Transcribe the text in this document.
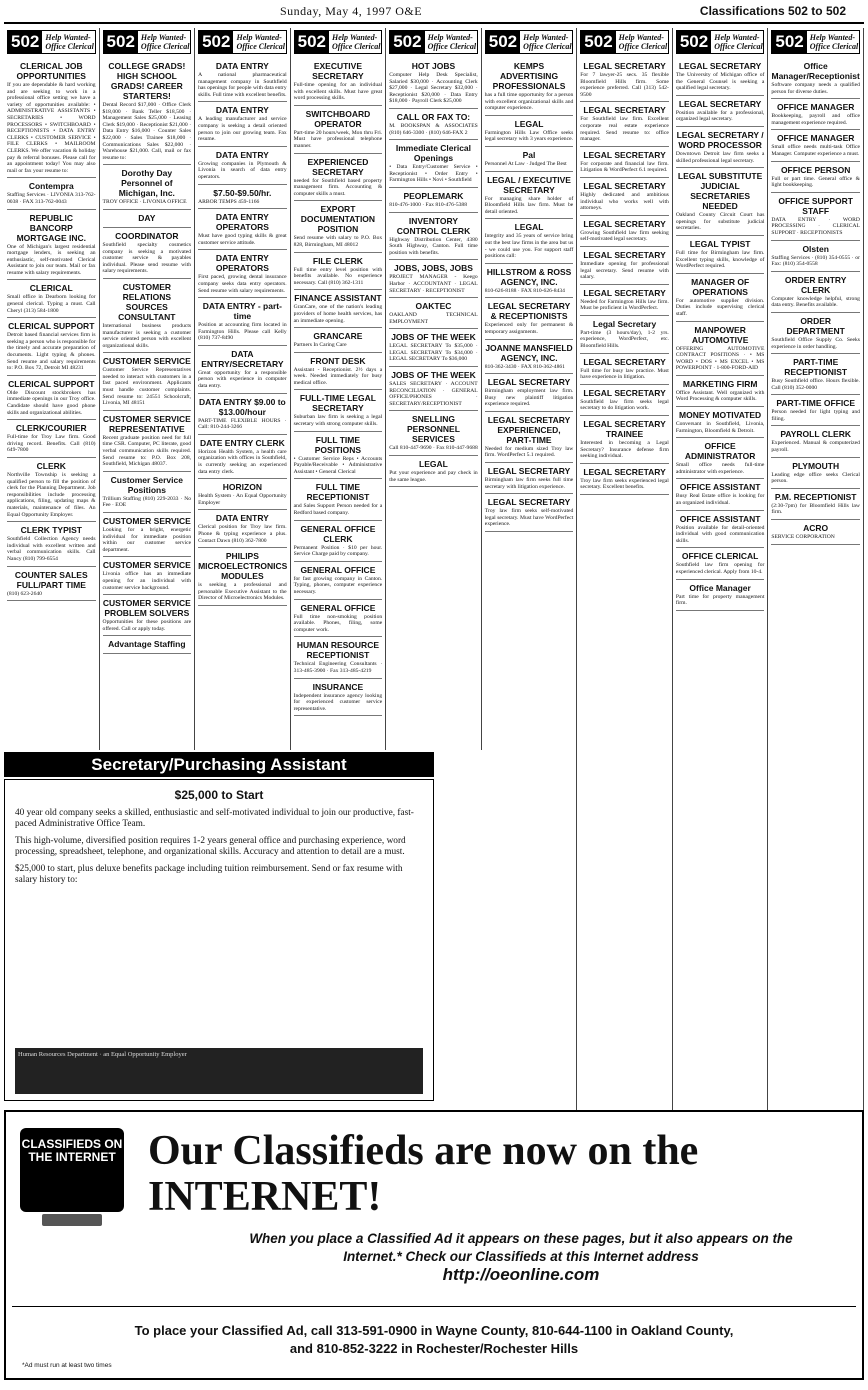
Sunday, May 4, 1997 O&E	Classifications 502 to 502
502 Help Wanted-
Office Clerical
CLERICAL JOB OPPORTUNITIES

If you are dependable & hard working and are seeking to work in a professional office setting we have a variety of opportunities available: • ADMINISTRATIVE ASSISTANTS • SECRETARIES • WORD PROCESSORS • SWITCHBOARD • RECEPTIONISTS • DATA ENTRY CLERKS • CUSTOMER SERVICE • FILE CLERKS • MAILROOM CLERKS. We offer vacation & holiday pay & referral bonuses. Please call for an appointment today! You may also mail or fax your resume to:

Contempra

Staffing Services · LIVONIA 313-762-0038 · FAX 313-762-0043

REPUBLIC BANCORP MORTGAGE INC.

One of Michigan's largest residential mortgage lenders, is seeking an enthusiastic, self-motivated Clerical Assistant to join our team. Mail or fax resume with salary requirements.

CLERICAL

Small office in Dearborn looking for general clerical. Typing a must. Call Cheryl (313) 584-1800

CLERICAL SUPPORT

Detroit based financial services firm is seeking a person who is responsible for the timely and accurate preparation of documents. Light typing & phones. Send resume and salary requirements to: P.O. Box 72, Detroit MI 48231

CLERICAL SUPPORT

Olde Discount stockbrokers has immediate openings in our Troy office. Candidate should have good phone skills and organizational abilities.

CLERK/COURIER

Full-time for Troy Law firm. Good driving record. Benefits. Call (810) 649-7800

CLERK

Northville Township is seeking a qualified person to fill the position of clerk for the Planning Department. Job responsibilities include processing applications, filing, updating maps & materials, maintenance of files. An Equal Opportunity Employer.

CLERK TYPIST

Southfield Collection Agency needs individual with excellent written and verbal communication skills. Call Nancy (810) 799-6554

COUNTER SALES FULL/PART TIME

(810) 623-2640

502 Help Wanted-
Office Clerical
COLLEGE GRADS! HIGH SCHOOL GRADS! CAREER STARTERS!

Dental Record $17,000 · Office Clerk $18,000 · Bank Teller $18,500 · Management Sales $25,000 · Leasing Clerk $19,000 · Receptionist $21,000 · Data Entry $16,000 · Counter Sales $22,000 · Sales Trainee $18,000 · Communications Sales $22,000 · Warehouse $21,000. Call, mail or fax resume to:

Dorothy Day Personnel of Michigan, Inc.

TROY OFFICE · LIVONIA OFFICE

DAY

COORDINATOR

Southfield specialty cosmetics company is seeking a motivated customer service & payables individual. Please send resume with salary requirements.

CUSTOMER RELATIONS SOURCES CONSULTANT

International business products manufacturer is seeking a customer service oriented person with excellent organizational skills.

CUSTOMER SERVICE

Customer Service Representatives needed to interact with customers in a fast paced environment. Applicants must handle customer complaints. Send resume to: 24551 Schoolcraft, Livonia, MI 48151

CUSTOMER SERVICE REPRESENTATIVE

Recent graduate position need for full time CSR. Computer, PC literate, good verbal communication skills required. Send resume to: P.O. Box 208, Southfield, Michigan 48037.

Customer Service Positions

Trillium Staffing (810) 229-2033 · No Fee · EOE

CUSTOMER SERVICE

Looking for a bright, energetic individual for immediate position within our customer service department.

CUSTOMER SERVICE

Livonia office has an immediate opening for an individual with customer service background.

CUSTOMER SERVICE PROBLEM SOLVERS

Opportunities for these positions are offered. Call or apply today.

Advantage Staffing

502 Help Wanted-
Office Clerical
DATA ENTRY

A national pharmaceutical management company in Southfield has openings for people with data entry skills. Full time with excellent benefits.

DATA ENTRY

A leading manufacturer and service company is seeking a detail oriented person to join our growing team. Fax resume.

DATA ENTRY

Growing companies in Plymouth & Livonia in search of data entry operators.

$7.50-$9.50/hr.

ARBOR TEMPS 459-1166

DATA ENTRY OPERATORS

Must have good typing skills & great customer service attitude.

DATA ENTRY OPERATORS

First paced, growing dental insurance company seeks data entry operators. Send resume with salary requirements.

DATA ENTRY - part-time

Position at accounting firm located in Farmington Hills. Please call Kelly (810) 737-8490

DATA ENTRY/SECRETARY

Great opportunity for a responsible person with experience in computer data entry.

DATA ENTRY $9.00 to $13.00/hour

PART-TIME FLEXIBLE HOURS · Call: 810-244-3266

DATE ENTRY CLERK

Horizon Health System, a health care organization with offices in Southfield, is currently seeking an experienced data entry clerk.

HORIZON

Health System · An Equal Opportunity Employer

DATA ENTRY

Clerical position for Troy law firm. Phone & typing experience a plus. Contact Dawn (810) 362-7800

PHILIPS MICROELECTRONICS MODULES

is seeking a professional and personable Executive Assistant to the Director of Microelectronics Modules.

502 Help Wanted-
Office Clerical
EXECUTIVE SECRETARY

Full-time opening for an individual with excellent skills. Must have great word processing skills.

SWITCHBOARD OPERATOR

Part-time 20 hours/week, Mon thru Fri. Must have professional telephone manner.

EXPERIENCED SECRETARY

needed for Southfield based property management firm. Accounting & computer skills a must.

EXPORT DOCUMENTATION POSITION

Send resume with salary to P.O. Box 828, Birmingham, MI 48012

FILE CLERK

Full time entry level position with benefits available. No experience necessary. Call (810) 362-1311

FINANCE ASSISTANT

GranCare, one of the nation's leading providers of home health services, has an immediate opening.

GRANCARE

Partners In Caring Care

FRONT DESK

Assistant - Receptionist. 2½ days a week. Needed immediately for busy medical office.

FULL-TIME LEGAL SECRETARY

Suburban law firm is seeking a legal secretary with strong computer skills.

FULL TIME POSITIONS

• Customer Service Reps • Accounts Payable/Receivable • Administrative Assistant • General Clerical

FULL TIME RECEPTIONIST

and Sales Support Person needed for a Redford based company.

GENERAL OFFICE CLERK

Permanent Position · $10 per hour. Service Charge paid by company.

GENERAL OFFICE

for fast growing company in Canton. Typing, phones, computer experience necessary.

GENERAL OFFICE

Full time non-smoking position available. Phones, filing, some computer work.

HUMAN RESOURCE RECEPTIONIST

Technical Engineering Consultants · 313-485-3900 · Fax 313-485-4219

INSURANCE

Independent insurance agency looking for experienced customer service representative.

502 Help Wanted-
Office Clerical
HOT JOBS

Computer Help Desk Specialist, Salaried $30,000 · Accounting Clerk $27,000 · Legal Secretary $32,000 · Receptionist $20,000 · Data Entry $18,000 · Payroll Clerk $25,000

CALL OR FAX TO:

M. BOOKSPAN & ASSOCIATES (810) 646-3300 · (810) 646-FAX 2

Immediate Clerical Openings

• Data Entry/Customer Service • Receptionist • Order Entry • Farmington Hills • Novi • Southfield

PEOPLEMARK

810-476-1000 · Fax 810-476-5388

INVENTORY CONTROL CLERK

Highway Distribution Center, 4380 South Highway, Canton. Full time position with benefits.

JOBS, JOBS, JOBS

PROJECT MANAGER - Keego Harbor · ACCOUNTANT · LEGAL SECRETARY · RECEPTIONIST

OAKTEC

OAKLAND TECHNICAL EMPLOYMENT

JOBS OF THE WEEK

LEGAL SECRETARY To $35,000 · LEGAL SECRETARY To $34,000 · LEGAL SECRETARY To $36,000

JOBS OF THE WEEK

SALES SECRETARY · ACCOUNT RECONCILIATION · GENERAL OFFICE/PHONES · SECRETARY/RECEPTIONIST

SNELLING PERSONNEL SERVICES

Call 810-447-9690 · Fax 810-447-9688

LEGAL

Put your experience and pay check in the same league.

502 Help Wanted-
Office Clerical
KEMPS ADVERTISING PROFESSIONALS

has a full time opportunity for a person with excellent organizational skills and computer experience.

LEGAL

Farmington Hills Law Office seeks legal secretary with 3 years experience.

Pal

Personnel At Law · Judged The Best

LEGAL / EXECUTIVE SECRETARY

For managing share holder of Bloomfield Hills law firm. Must be detail oriented.

LEGAL

Integrity and 35 years of service bring out the best law firms in the area but us - we could use you. For support staff positions call:

HILLSTROM & ROSS AGENCY, INC.

810-626-8188 · FAX 810-626-8434

LEGAL SECRETARY & RECEPTIONISTS

Experienced only for permanent & temporary assignments.

JOANNE MANSFIELD AGENCY, INC.

810-362-3430 · FAX 810-362-4861

LEGAL SECRETARY

Birmingham employment law firm. Busy new plaintiff litigation experience required.

LEGAL SECRETARY EXPERIENCED, PART-TIME

Needed for medium sized Troy law firm. WordPerfect 5.1 required.

LEGAL SECRETARY

Birmingham law firm seeks full time secretary with litigation experience.

LEGAL SECRETARY

Troy law firm seeks self-motivated legal secretary. Must have WordPerfect experience.

502 Help Wanted-
Office Clerical
LEGAL SECRETARY

For 7 lawyer-25 secs. 35 flexible Bloomfield Hills firm. Some experience preferred. Call (313) 542-9500

LEGAL SECRETARY

For Southfield law firm. Excellent corporate real estate experience required. Send resume to: office manager.

LEGAL SECRETARY

For corporate and financial law firm. Litigation & WordPerfect 6.1 required.

LEGAL SECRETARY

Highly dedicated and ambitious individual who works well with attorneys.

LEGAL SECRETARY

Growing Southfield law firm seeking self-motivated legal secretary.

LEGAL SECRETARY

Immediate opening for professional legal secretary. Send resume with salary.

LEGAL SECRETARY

Needed for Farmington Hills law firm. Must be proficient in WordPerfect.

Legal Secretary

Part-time (3 hours/day), 1-2 yrs. experience, WordPerfect, etc. Bloomfield Hills.

LEGAL SECRETARY

Full time for busy law practice. Must have experience in litigation.

LEGAL SECRETARY

Southfield law firm seeks legal secretary to do litigation work.

LEGAL SECRETARY TRAINEE

Interested in becoming a Legal Secretary? Insurance defense firm seeking individual.

LEGAL SECRETARY

Troy law firm seeks experienced legal secretary. Excellent benefits.

502 Help Wanted-
Office Clerical
LEGAL SECRETARY

The University of Michigan office of the General Counsel is seeking a qualified legal secretary.

LEGAL SECRETARY

Position available for a professional, organized legal secretary.

LEGAL SECRETARY / WORD PROCESSOR

Downtown Detroit law firm seeks a skilled professional legal secretary.

LEGAL SUBSTITUTE JUDICIAL SECRETARIES NEEDED

Oakland County Circuit Court has openings for substitute judicial secretaries.

LEGAL TYPIST

Full time for Birmingham law firm. Excellent typing skills, knowledge of WordPerfect required.

MANAGER OF OPERATIONS

For automotive supplier division. Duties include supervising clerical staff.

MANPOWER AUTOMOTIVE

OFFERING AUTOMOTIVE CONTRACT POSITIONS · • MS WORD • DOS • MS EXCEL • MS POWERPOINT · 1-800-FORD-AID

MARKETING FIRM

Office Assistant. Well organized with Word Processing & computer skills.

MONEY MOTIVATED

Conversant in Southfield, Livonia, Farmington, Bloomfield & Detroit.

OFFICE ADMINISTRATOR

Small office needs full-time administrator with experience.

OFFICE ASSISTANT

Busy Real Estate office is looking for an organized individual.

OFFICE ASSISTANT

Position available for detail-oriented individual with good communication skills.

OFFICE CLERICAL

Southfield law firm opening for experienced clerical. Apply from 10-4.

Office Manager

Part time for property management firm.

502 Help Wanted-
Office Clerical
Office Manager/Receptionist

Software company needs a qualified person for diverse duties.

OFFICE MANAGER

Bookkeeping, payroll and office management experience required.

OFFICE MANAGER

Small office needs multi-task Office Manager. Computer experience a must.

OFFICE PERSON

Full or part time. General office & light bookkeeping.

OFFICE SUPPORT STAFF

DATA ENTRY · WORD PROCESSING · CLERICAL SUPPORT · RECEPTIONISTS

Olsten

Staffing Services · (810) 354-0555 · or Fax: (810) 354-0558

ORDER ENTRY CLERK

Computer knowledge helpful, strong data entry. Benefits available.

ORDER DEPARTMENT

Southfield Office Supply Co. Seeks experience in order handling.

PART-TIME RECEPTIONIST

Busy Southfield office. Hours flexible. Call (810) 352-0000

PART-TIME OFFICE

Person needed for light typing and filing.

PAYROLL CLERK

Experienced. Manual & computerized payroll.

PLYMOUTH

Leading edge office seeks Clerical person.

P.M. RECEPTIONIST

(2:30-7pm) for Bloomfield Hills law firm.

ACRO

SERVICE CORPORATION

Secretary/Purchasing Assistant
$25,000 to Start

40 year old company seeks a skilled, enthusiastic and self-motivated individual to join our productive, fast-paced Administrative Office Team.

This high-volume, diversified position requires 1-2 years general office and purchasing experience, word processing, spreadsheet, telephone, and organizational skills. Accuracy and attention to detail are a must.

$25,000 to start, plus deluxe benefits package including tuition reimbursement. Send or fax resume with salary history to:

Human Resources Department · an Equal Opportunity Employer
CLASSIFIEDS ON THE INTERNET Our Classifieds are now on the INTERNET!
When you place a Classified Ad it appears on these pages, but it also appears on the Internet.* Check our Classifieds at this Internet address
http://oeonline.com
To place your Classified Ad, call 313-591-0900 in Wayne County, 810-644-1100 in Oakland County,
and 810-852-3222 in Rochester/Rochester Hills
*Ad must run at least two times
